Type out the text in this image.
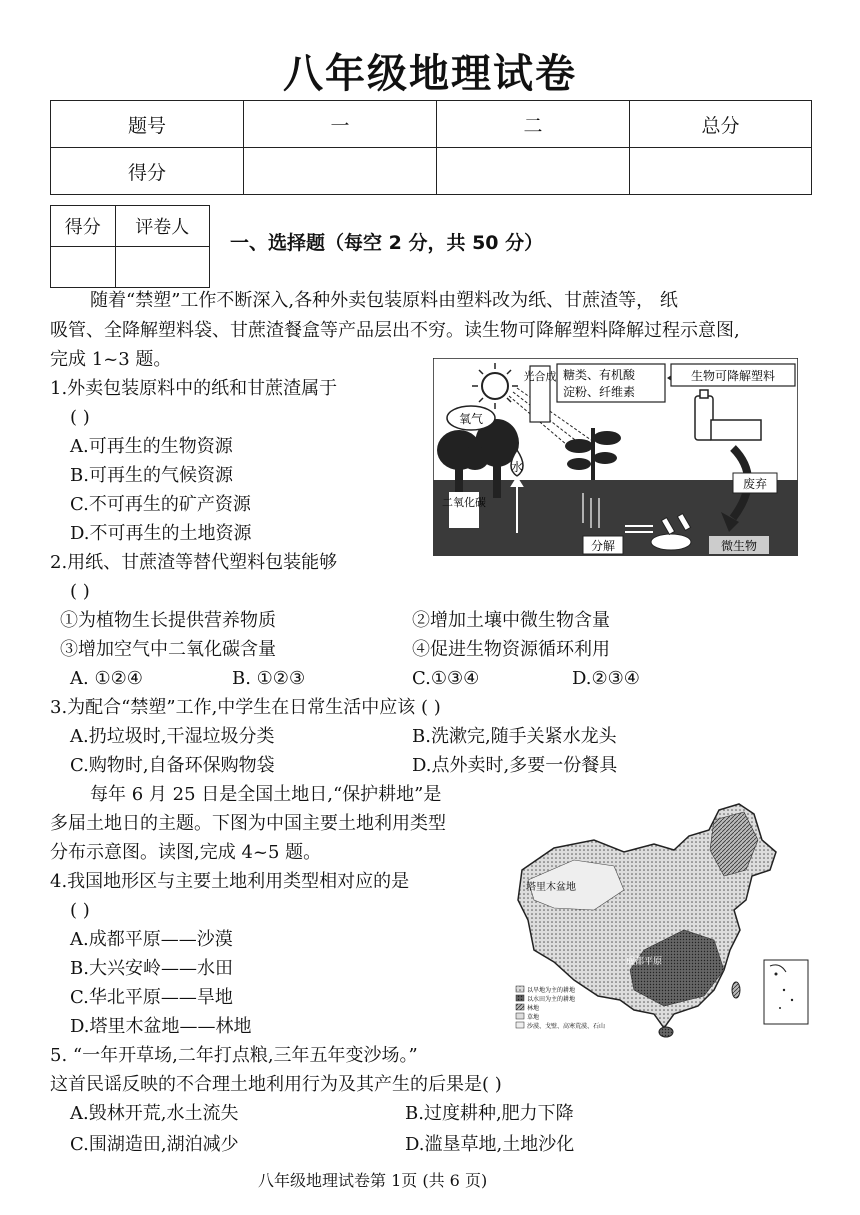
八年级地理试卷
题号	一	二	总分
得分			
得分	评卷人

一、选择题（每空 2 分，共 50 分）
随着“禁塑”工作不断深入,各种外卖包装原料由塑料改为纸、甘蔗渣等， 纸
吸管、全降解塑料袋、甘蔗渣餐盒等产品层出不穷。读生物可降解塑料降解过程示意图,
完成 1~3 题。
1.外卖包装原料中的纸和甘蔗渣属于
( )
A.可再生的生物资源
B.可再生的气候资源
C.不可再生的矿产资源
D.不可再生的土地资源
氧气
水
二氧化碳
光合成 糖类、有机酸
淀粉、纤维素
生物可降解塑料
废弃
微生物
分解
2.用纸、甘蔗渣等替代塑料包装能够
( )
①为植物生长提供营养物质	②增加土壤中微生物含量
③增加空气中二氧化碳含量	④促进生物资源循环利用
A. ①②④	B. ①②③	C.①③④	D.②③④
3.为配合“禁塑”工作,中学生在日常生活中应该 ( )
A.扔垃圾时,干湿垃圾分类	B.洗漱完,随手关紧水龙头
C.购物时,自备环保购物袋	D.点外卖时,多要一份餐具
每年 6 月 25 日是全国土地日,“保护耕地”是
多届土地日的主题。下图为中国主要土地利用类型
分布示意图。读图,完成 4~5 题。
4.我国地形区与主要土地利用类型相对应的是
( )
A.成都平原——沙漠
B.大兴安岭——水田
C.华北平原——旱地
D.塔里木盆地——林地
塔里木盆地
成都平原
以旱地为主的耕地
以水田为主的耕地
林地
草地
沙漠、戈壁、高寒荒漠、石山
5. “一年开草场,二年打点粮,三年五年变沙场。”
这首民谣反映的不合理土地利用行为及其产生的后果是( )
A.毁林开荒,水土流失	B.过度耕种,肥力下降
C.围湖造田,湖泊减少	D.滥垦草地,土地沙化
八年级地理试卷第 1页 (共 6 页)
